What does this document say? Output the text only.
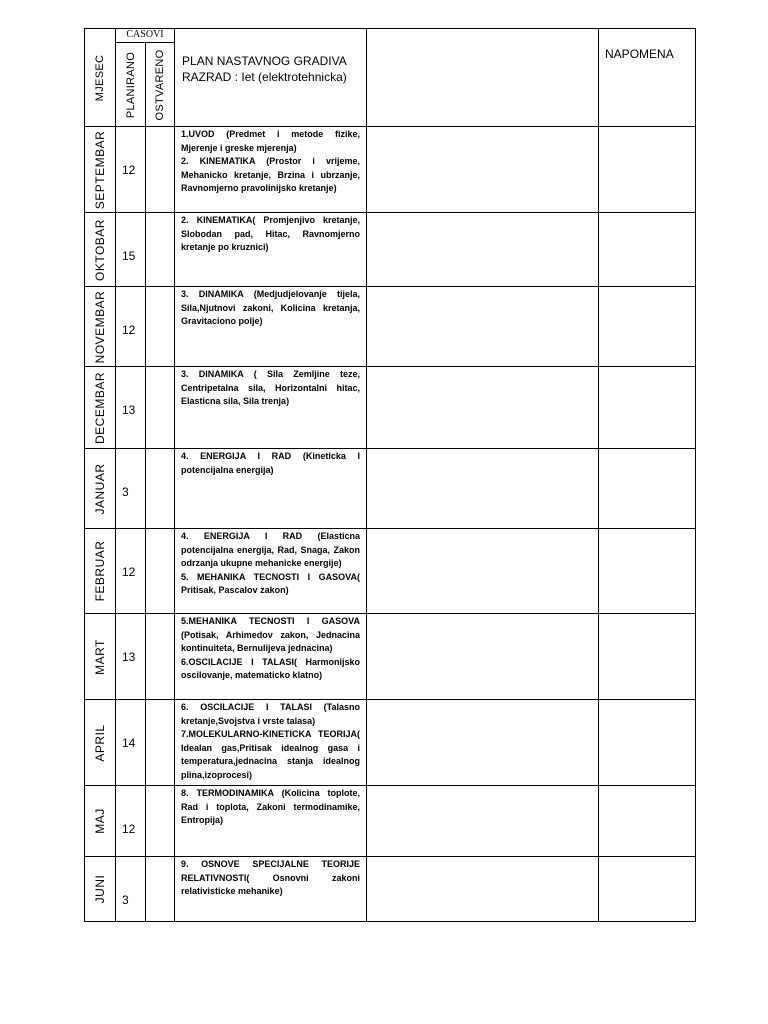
MJESEC	ČASOVI		PLAN NASTAVNOG GRADIVA
RAZRAD : Iet (elektrotehnicka)		NAPOMENA

	PLANIRANO	OSTVARENO			

SEPTEMBAR	12		1.UVOD (Predmet i metode fizike, Mjerenje i greske mjerenja)

2. KINEMATIKA (Prostor i vrijeme, Mehanicko kretanje, Brzina i ubrzanje, Ravnomjerno pravolinijsko kretanje)		

OKTOBAR	15		2. KINEMATIKA( Promjenjivo kretanje, Slobodan pad, Hitac, Ravnomjerno kretanje po kruznici)		

NOVEMBAR	12		3. DINAMIKA (Medjudjelovanje tijela, Sila,Njutnovi zakoni, Kolicina kretanja, Gravitaciono polje)		

DECEMBAR	13		3. DINAMIKA ( Sila Zemljine teze, Centripetalna sila, Horizontalni hitac, Elasticna sila, Sila trenja)		

JANUAR	3		4. ENERGIJA I RAD (Kineticka I potencijalna energija)		

FEBRUAR	12		4. ENERGIJA I RAD (Elasticna potencijalna energija, Rad, Snaga, Zakon odrzanja ukupne mehanicke energije)

5. MEHANIKA TECNOSTI I GASOVA( Pritisak, Pascalov zakon)		

MART	13		5.MEHANIKA TECNOSTI I GASOVA (Potisak, Arhimedov zakon, Jednacina kontinuiteta, Bernulijeva jednacina)

6.OSCILACIJE I TALASI( Harmonijsko oscilovanje, matematicko klatno)		

APRIL	14		6. OSCILACIJE I TALASI (Talasno kretanje,Svojstva i vrste talasa)

7.MOLEKULARNO-KINETICKA TEORIJA( Idealan gas,Pritisak idealnog gasa i temperatura,jednacina stanja idealnog plina,izoprocesi)		

MAJ	12		8. TERMODINAMIKA (Kolicina toplote, Rad i toplota, Zakoni termodinamike, Entropija)		

JUNI	3		9. OSNOVE SPECIJALNE TEORIJE RELATIVNOSTI( Osnovni zakoni relativisticke mehanike)		
